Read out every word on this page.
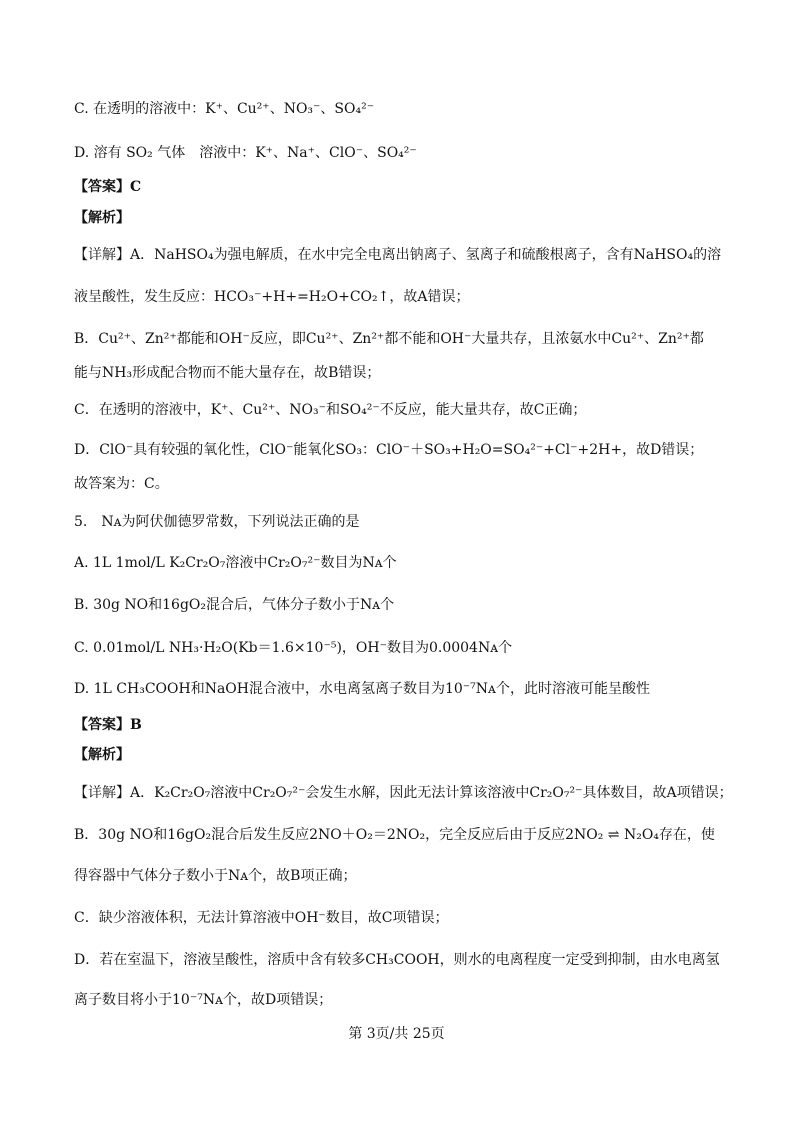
C. 在透明的溶液中：K⁺、Cu²⁺、NO₃⁻、SO₄²⁻
D. 溶有 SO₂ 气体　溶液中：K⁺、Na⁺、ClO⁻、SO₄²⁻
【答案】C
【解析】
【详解】A．NaHSO₄为强电解质，在水中完全电离出钠离子、氢离子和硫酸根离子，含有NaHSO₄的溶
液呈酸性，发生反应：HCO₃⁻+H+=H₂O+CO₂↑，故A错误；
B．Cu²⁺、Zn²⁺都能和OH⁻反应，即Cu²⁺、Zn²⁺都不能和OH⁻大量共存，且浓氨水中Cu²⁺、Zn²⁺都
能与NH₃形成配合物而不能大量存在，故B错误；
C．在透明的溶液中，K⁺、Cu²⁺、NO₃⁻和SO₄²⁻不反应，能大量共存，故C正确；
D．ClO⁻具有较强的氧化性，ClO⁻能氧化SO₃：ClO⁻＋SO₃+H₂O=SO₄²⁻+Cl⁻+2H+，故D错误；
故答案为：C。
5.　Nᴀ为阿伏伽德罗常数，下列说法正确的是
A. 1L 1mol/L K₂Cr₂O₇溶液中Cr₂O₇²⁻数目为Nᴀ个
B. 30g NO和16gO₂混合后，气体分子数小于Nᴀ个
C. 0.01mol/L NH₃·H₂O(Kb＝1.6×10⁻⁵)，OH⁻数目为0.0004Nᴀ个
D. 1L CH₃COOH和NaOH混合液中，水电离氢离子数目为10⁻⁷Nᴀ个，此时溶液可能呈酸性
【答案】B
【解析】
【详解】A．K₂Cr₂O₇溶液中Cr₂O₇²⁻会发生水解，因此无法计算该溶液中Cr₂O₇²⁻具体数目，故A项错误；
B．30g NO和16gO₂混合后发生反应2NO＋O₂＝2NO₂，完全反应后由于反应2NO₂ ⇌ N₂O₄存在，使
得容器中气体分子数小于Nᴀ个，故B项正确；
C．缺少溶液体积，无法计算溶液中OH⁻数目，故C项错误；
D．若在室温下，溶液呈酸性，溶质中含有较多CH₃COOH，则水的电离程度一定受到抑制，由水电离氢
离子数目将小于10⁻⁷Nᴀ个，故D项错误；
第 3页/共 25页
